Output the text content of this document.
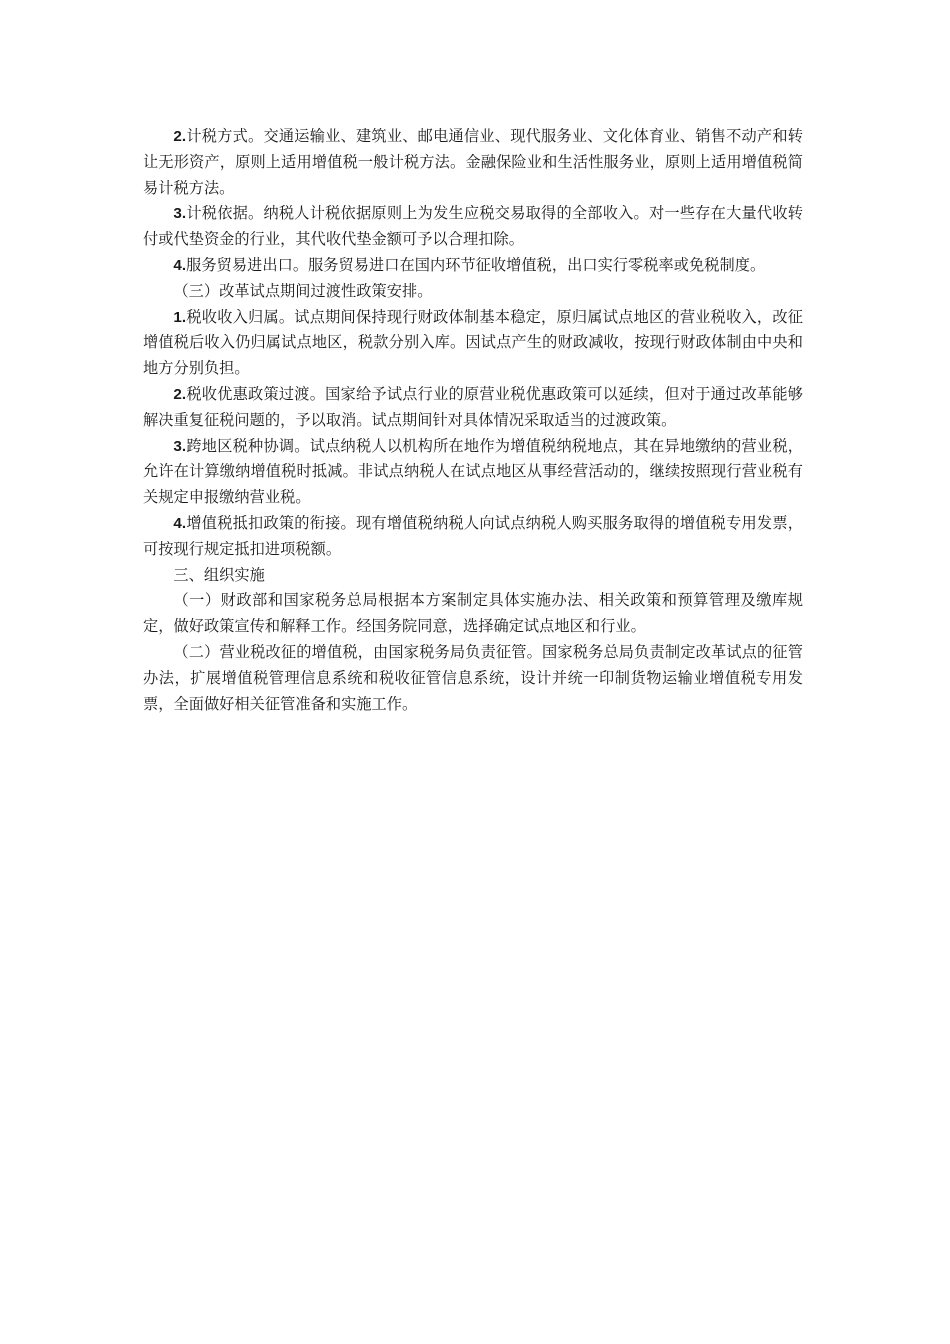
2.计税方式。交通运输业、建筑业、邮电通信业、现代服务业、文化体育业、销售不动产和转让无形资产，原则上适用增值税一般计税方法。金融保险业和生活性服务业，原则上适用增值税简易计税方法。

3.计税依据。纳税人计税依据原则上为发生应税交易取得的全部收入。对一些存在大量代收转付或代垫资金的行业，其代收代垫金额可予以合理扣除。

4.服务贸易进出口。服务贸易进口在国内环节征收增值税，出口实行零税率或免税制度。

（三）改革试点期间过渡性政策安排。

1.税收收入归属。试点期间保持现行财政体制基本稳定，原归属试点地区的营业税收入，改征增值税后收入仍归属试点地区，税款分别入库。因试点产生的财政减收，按现行财政体制由中央和地方分别负担。

2.税收优惠政策过渡。国家给予试点行业的原营业税优惠政策可以延续，但对于通过改革能够解决重复征税问题的，予以取消。试点期间针对具体情况采取适当的过渡政策。

3.跨地区税种协调。试点纳税人以机构所在地作为增值税纳税地点，其在异地缴纳的营业税，允许在计算缴纳增值税时抵减。非试点纳税人在试点地区从事经营活动的，继续按照现行营业税有关规定申报缴纳营业税。

4.增值税抵扣政策的衔接。现有增值税纳税人向试点纳税人购买服务取得的增值税专用发票，可按现行规定抵扣进项税额。

三、组织实施

（一）财政部和国家税务总局根据本方案制定具体实施办法、相关政策和预算管理及缴库规定，做好政策宣传和解释工作。经国务院同意，选择确定试点地区和行业。

（二）营业税改征的增值税，由国家税务局负责征管。国家税务总局负责制定改革试点的征管办法，扩展增值税管理信息系统和税收征管信息系统，设计并统一印制货物运输业增值税专用发票，全面做好相关征管准备和实施工作。
